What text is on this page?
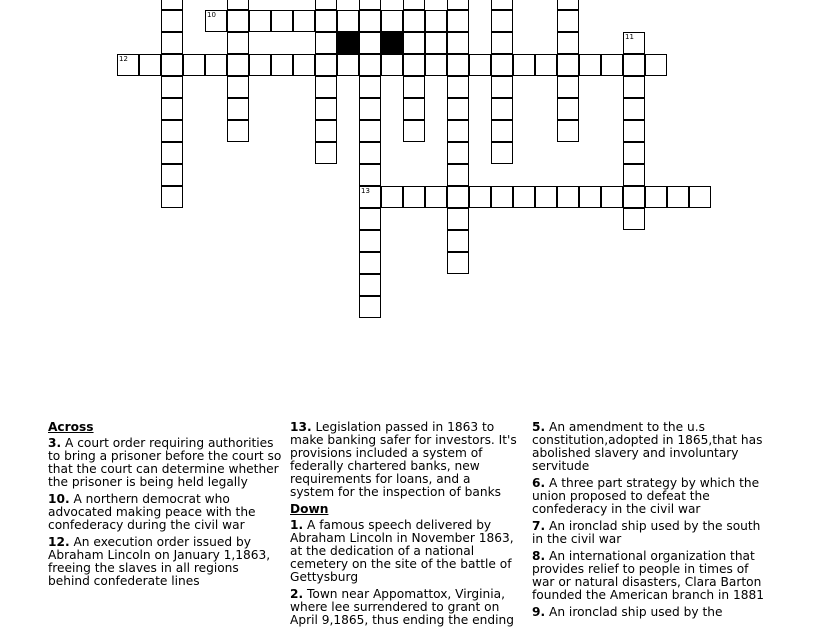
13
11
10
12

Across

3. A court order requiring authorities to bring a prisoner before the court so that the court can determine whether the prisoner is being held legally

10. A northern democrat who advocated making peace with the confederacy during the civil war

12. An execution order issued by Abraham Lincoln on January 1,1863, freeing the slaves in all regions behind confederate lines

13. Legislation passed in 1863 to make banking safer for investors. It's provisions included a system of federally chartered banks, new requirements for loans, and a system for the inspection of banks

Down

1. A famous speech delivered by Abraham Lincoln in November 1863, at the dedication of a national cemetery on the site of the battle of Gettysburg

2. Town near Appomattox, Virginia, where lee surrendered to grant on April 9,1865, thus ending the ending

5. An amendment to the u.s constitution,adopted in 1865,that has abolished slavery and involuntary servitude

6. A three part strategy by which the union proposed to defeat the confederacy in the civil war

7. An ironclad ship used by the south in the civil war

8. An international organization that provides relief to people in times of war or natural disasters, Clara Barton founded the American branch in 1881

9. An ironclad ship used by the
